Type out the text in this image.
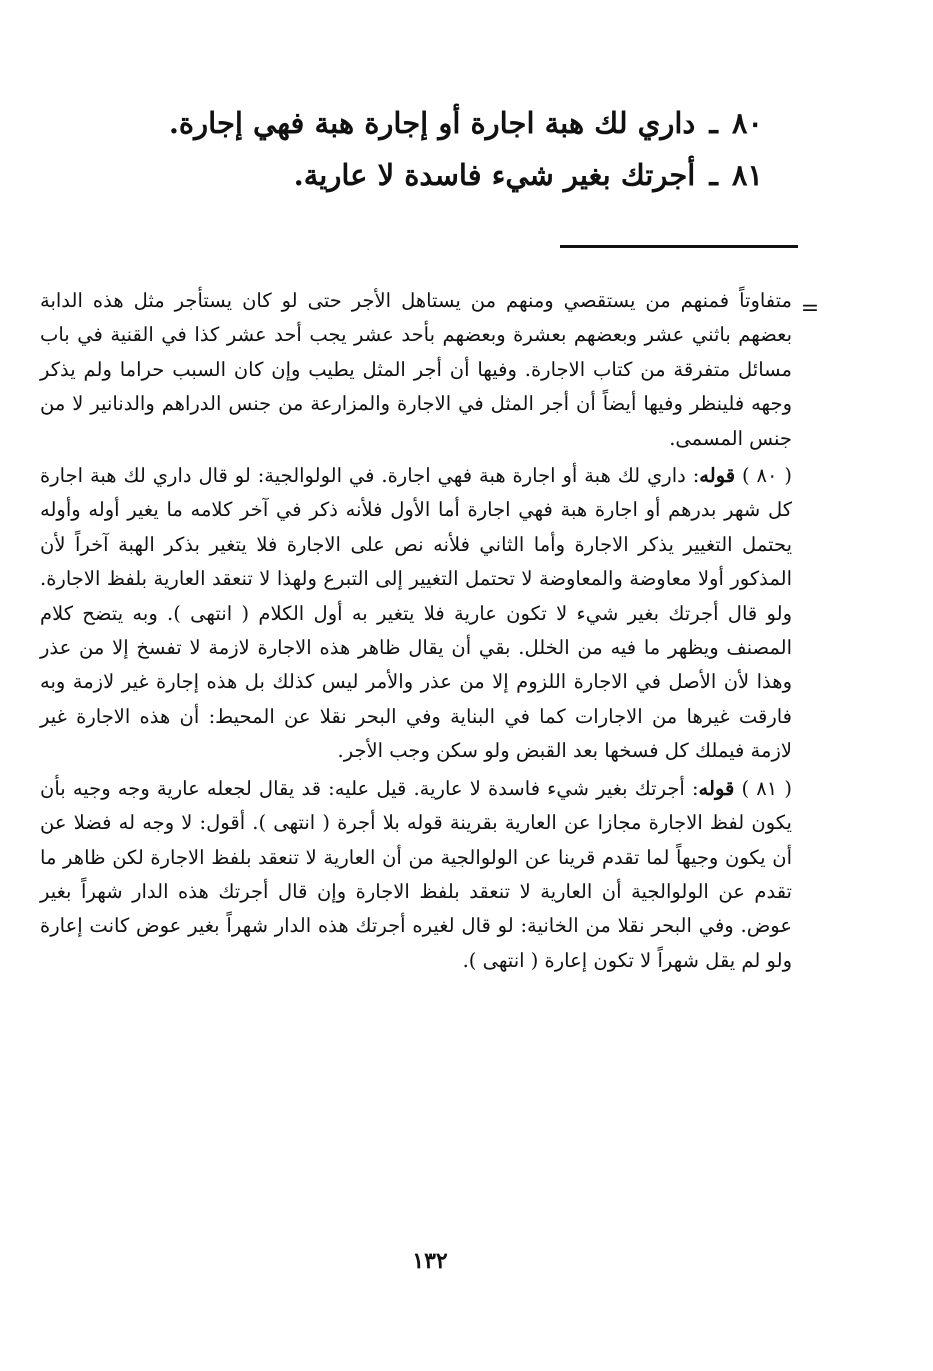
٨٠ـداري لك هبة اجارة أو إجارة هبة فهي إجارة.
٨١ـأجرتك بغير شيء فاسدة لا عارية.
=

متفاوتاً فمنهم من يستقصي ومنهم من يستاهل الأجر حتى لو كان يستأجر مثل هذه الدابة بعضهم باثني عشر وبعضهم بعشرة وبعضهم بأحد عشر يجب أحد عشر كذا في القنية في باب مسائل متفرقة من كتاب الاجارة. وفيها أن أجر المثل يطيب وإن كان السبب حراما ولم يذكر وجهه فلينظر وفيها أيضاً أن أجر المثل في الاجارة والمزارعة من جنس الدراهم والدنانير لا من جنس المسمى.

( ٨٠ ) قوله: داري لك هبة أو اجارة هبة فهي اجارة. في الولوالجية: لو قال داري لك هبة اجارة كل شهر بدرهم أو اجارة هبة فهي اجارة أما الأول فلأنه ذكر في آخر كلامه ما يغير أوله وأوله يحتمل التغيير يذكر الاجارة وأما الثاني فلأنه نص على الاجارة فلا يتغير بذكر الهبة آخراً لأن المذكور أولا معاوضة والمعاوضة لا تحتمل التغيير إلى التبرع ولهذا لا تنعقد العارية بلفظ الاجارة. ولو قال أجرتك بغير شيء لا تكون عارية فلا يتغير به أول الكلام ( انتهى ). وبه يتضح كلام المصنف ويظهر ما فيه من الخلل. بقي أن يقال ظاهر هذه الاجارة لازمة لا تفسخ إلا من عذر وهذا لأن الأصل في الاجارة اللزوم إلا من عذر والأمر ليس كذلك بل هذه إجارة غير لازمة وبه فارقت غيرها من الاجارات كما في البناية وفي البحر نقلا عن المحيط: أن هذه الاجارة غير لازمة فيملك كل فسخها بعد القبض ولو سكن وجب الأجر.

( ٨١ ) قوله: أجرتك بغير شيء فاسدة لا عارية. قيل عليه: قد يقال لجعله عارية وجه وجيه بأن يكون لفظ الاجارة مجازا عن العارية بقرينة قوله بلا أجرة ( انتهى ). أقول: لا وجه له فضلا عن أن يكون وجيهاً لما تقدم قرينا عن الولوالجية من أن العارية لا تنعقد بلفظ الاجارة لكن ظاهر ما تقدم عن الولوالجية أن العارية لا تنعقد بلفظ الاجارة وإن قال أجرتك هذه الدار شهراً بغير عوض. وفي البحر نقلا من الخانية: لو قال لغيره أجرتك هذه الدار شهراً بغير عوض كانت إعارة ولو لم يقل شهراً لا تكون إعارة ( انتهى ).

١٣٢
